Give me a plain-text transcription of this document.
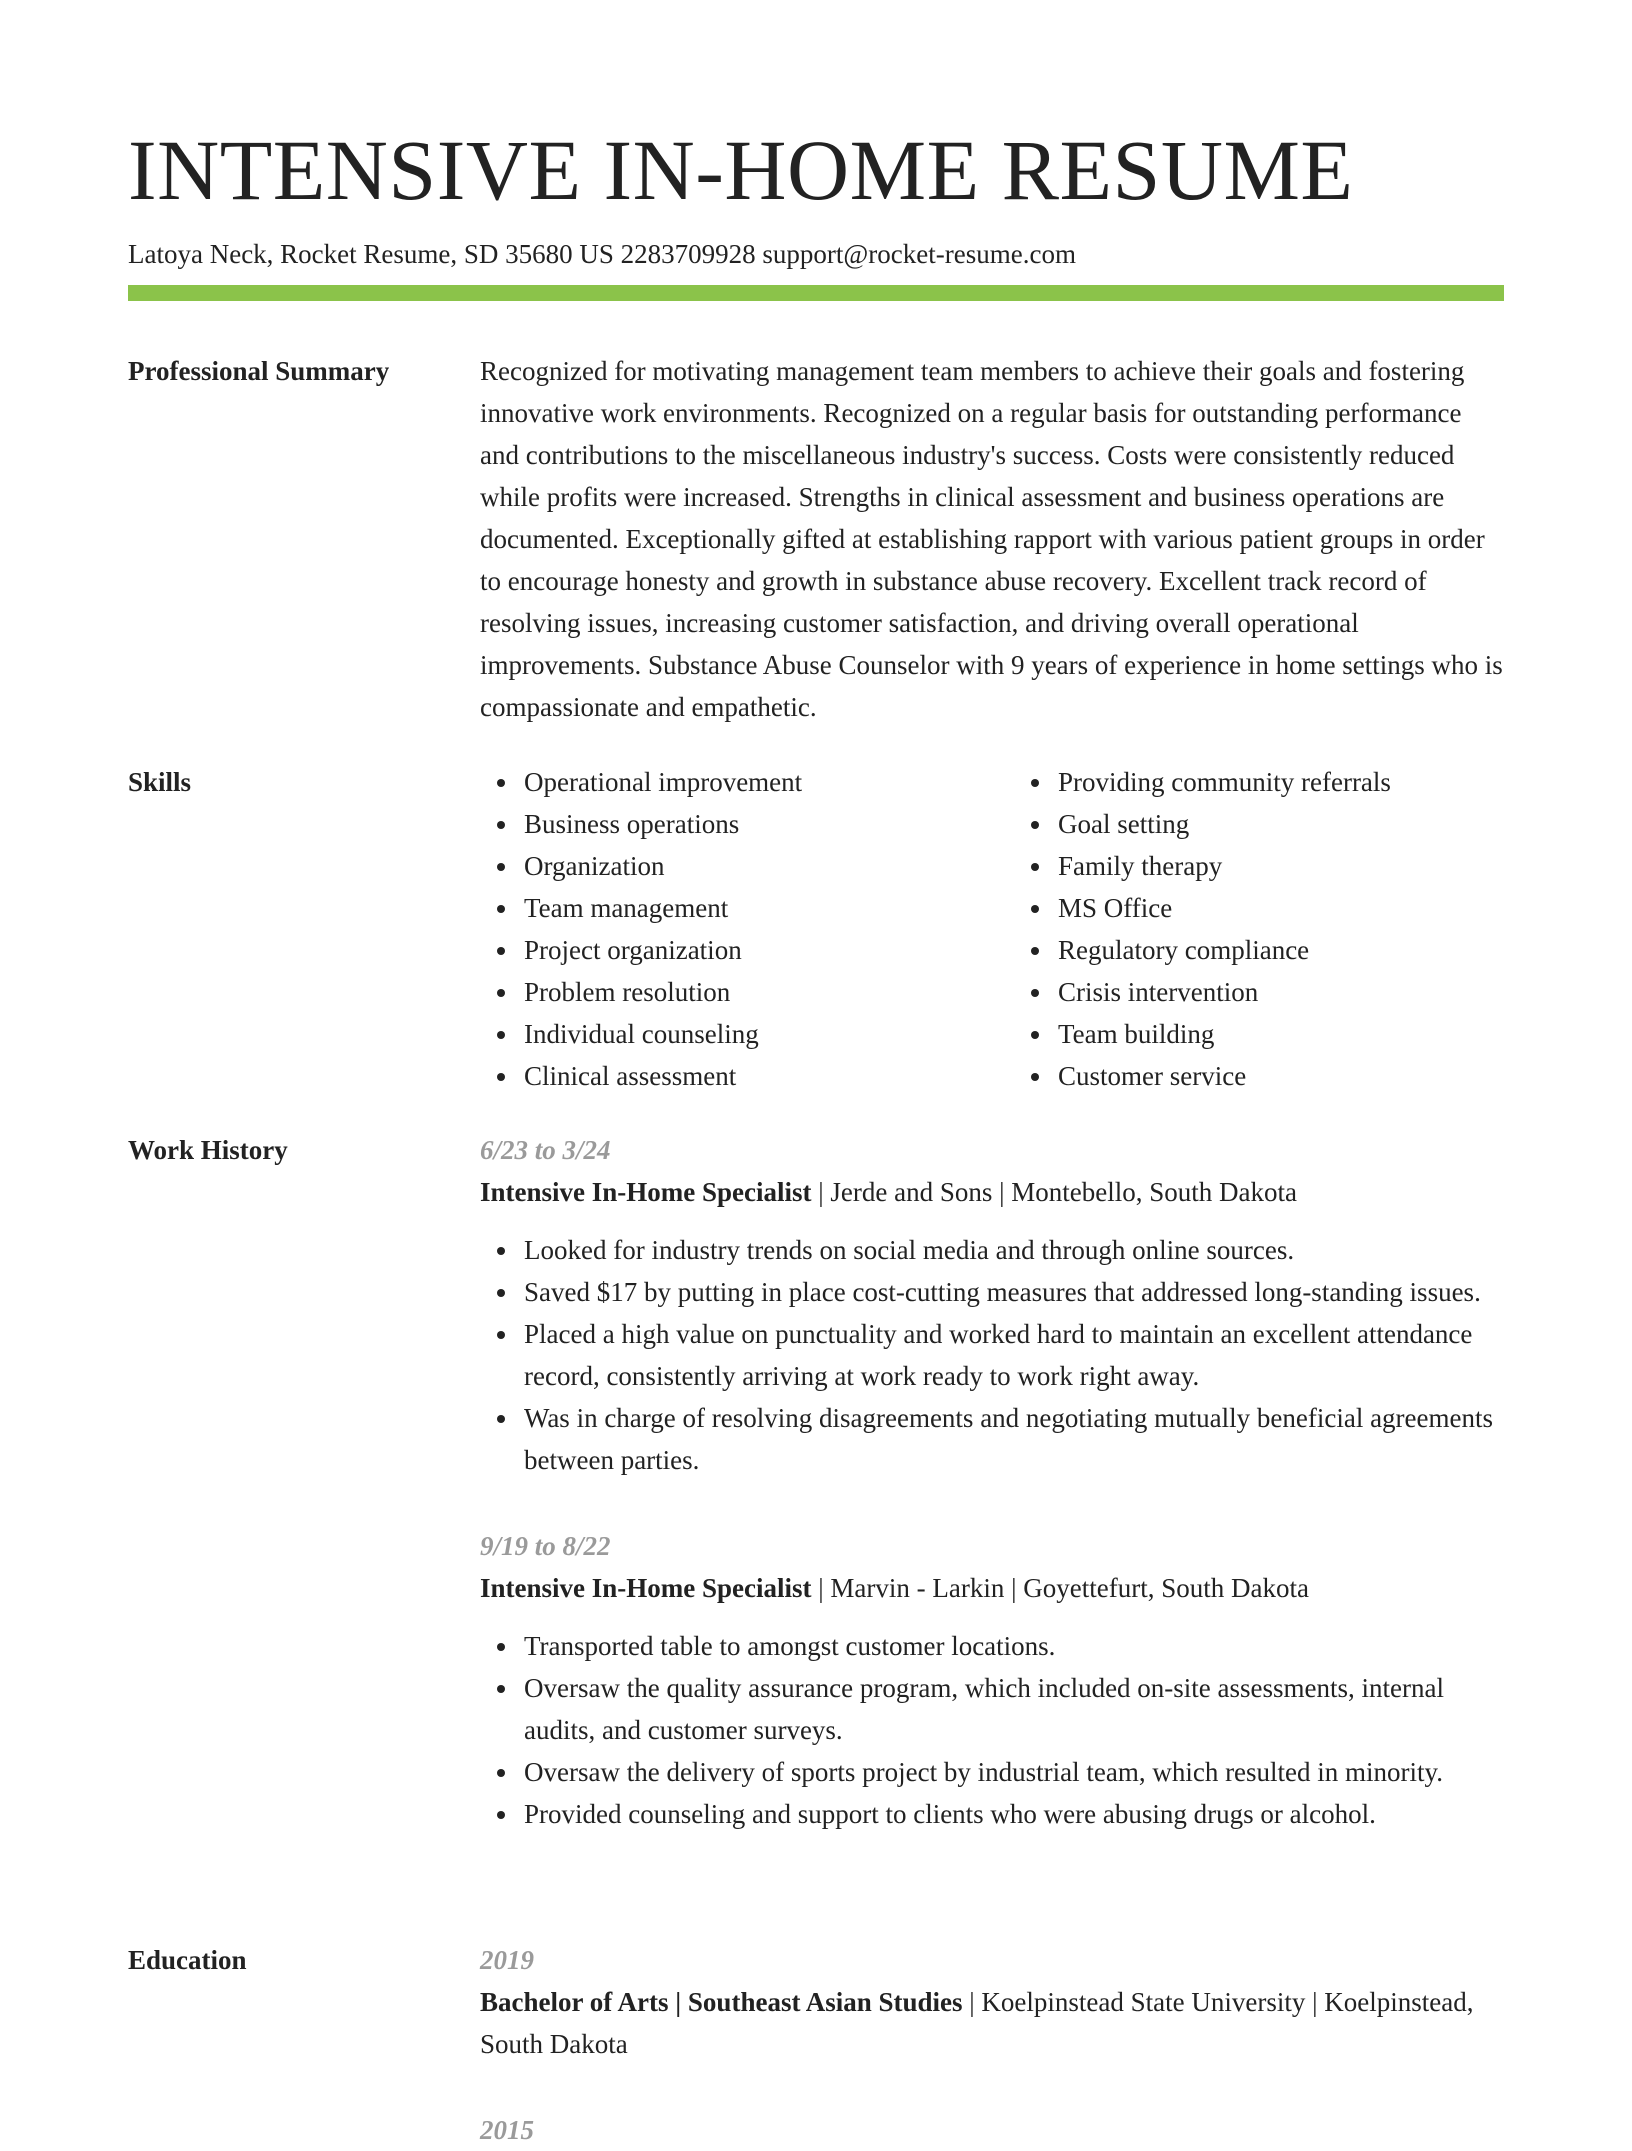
INTENSIVE IN-HOME RESUME
Latoya Neck, Rocket Resume, SD 35680 US 2283709928 support@rocket-resume.com
Professional Summary	Recognized for motivating management team members to achieve their goals and fostering innovative work environments. Recognized on a regular basis for outstanding performance and contributions to the miscellaneous industry's success. Costs were consistently reduced while profits were increased. Strengths in clinical assessment and business operations are documented. Exceptionally gifted at establishing rapport with various patient groups in order to encourage honesty and growth in substance abuse recovery. Excellent track record of resolving issues, increasing customer satisfaction, and driving overall operational improvements. Substance Abuse Counselor with 9 years of experience in home settings who is compassionate and empathetic.

Skills	Operational improvement
Business operations
Organization
Team management
Project organization
Problem resolution
Individual counseling
Clinical assessment
Providing community referrals
Goal setting
Family therapy
MS Office
Regulatory compliance
Crisis intervention
Team building
Customer service
Work History	6/23 to 3/24
Intensive In-Home Specialist | Jerde and Sons | Montebello, South Dakota
Looked for industry trends on social media and through online sources.
Saved $17 by putting in place cost-cutting measures that addressed long-standing issues.
Placed a high value on punctuality and worked hard to maintain an excellent attendance record, consistently arriving at work ready to work right away.
Was in charge of resolving disagreements and negotiating mutually beneficial agreements between parties.
9/19 to 8/22
Intensive In-Home Specialist | Marvin - Larkin | Goyettefurt, South Dakota
Transported table to amongst customer locations.
Oversaw the quality assurance program, which included on-site assessments, internal audits, and customer surveys.
Oversaw the delivery of sports project by industrial team, which resulted in minority.
Provided counseling and support to clients who were abusing drugs or alcohol.
Education	2019
Bachelor of Arts | Southeast Asian Studies | Koelpinstead State University | Koelpinstead, South Dakota
2015
